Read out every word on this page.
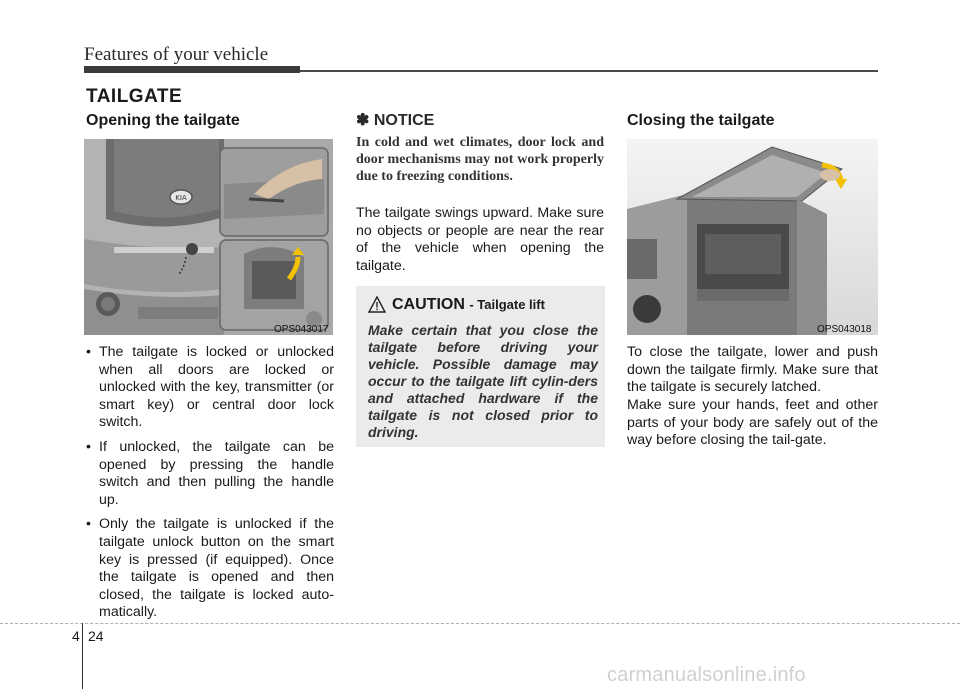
Features of your vehicle
TAILGATE
Opening the tailgate
KIA
OPS043017
• The tailgate is locked or unlocked when all doors are locked or unlocked with the key, transmitter (or smart key) or central door lock switch.
• If unlocked, the tailgate can be opened by pressing the handle switch and then pulling the handle up.
• Only the tailgate is unlocked if the tailgate unlock button on the smart key is pressed (if equipped). Once the tailgate is opened and then closed, the tailgate is locked auto-matically.
✽ NOTICE

In cold and wet climates, door lock and door mechanisms may not work properly due to freezing conditions.

The tailgate swings upward. Make sure no objects or people are near the rear of the vehicle when opening the tailgate.

CAUTION - Tailgate lift

Make certain that you close the tailgate before driving your vehicle. Possible damage may occur to the tailgate lift cylin-ders and attached hardware if the tailgate is not closed prior to driving.

Closing the tailgate
OPS043018

To close the tailgate, lower and push down the tailgate firmly. Make sure that the tailgate is securely latched.

Make sure your hands, feet and other parts of your body are safely out of the way before closing the tail-gate.

4 24
carmanualsonline.info
